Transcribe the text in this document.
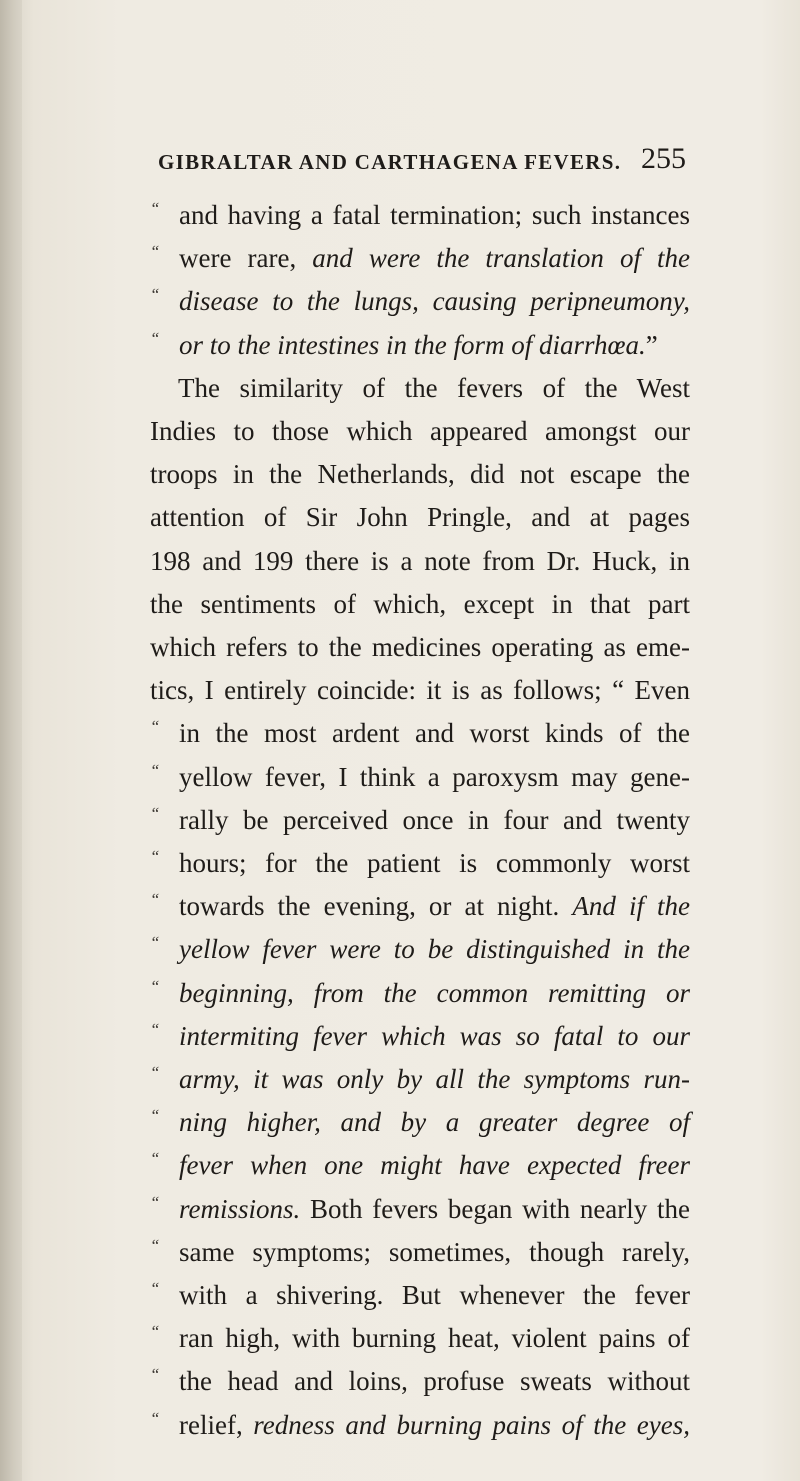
GIBRALTAR AND CARTHAGENA FEVERS. 255
“ and having a fatal termination; such instances
“ were rare, and were the translation of the
“ disease to the lungs, causing peripneumony,
“ or to the intestines in the form of diarrhœa.”
The similarity of the fevers of the West
Indies to those which appeared amongst our
troops in the Netherlands, did not escape the
attention of Sir John Pringle, and at pages
198 and 199 there is a note from Dr. Huck, in
the sentiments of which, except in that part
which refers to the medicines operating as eme-
tics, I entirely coincide: it is as follows; “ Even
“ in the most ardent and worst kinds of the
“ yellow fever, I think a paroxysm may gene-
“ rally be perceived once in four and twenty
“ hours; for the patient is commonly worst
“ towards the evening, or at night. And if the
“ yellow fever were to be distinguished in the
“ beginning, from the common remitting or
“ intermiting fever which was so fatal to our
“ army, it was only by all the symptoms run-
“ ning higher, and by a greater degree of
“ fever when one might have expected freer
“ remissions. Both fevers began with nearly the
“ same symptoms; sometimes, though rarely,
“ with a shivering. But whenever the fever
“ ran high, with burning heat, violent pains of
“ the head and loins, profuse sweats without
“ relief, redness and burning pains of the eyes,
